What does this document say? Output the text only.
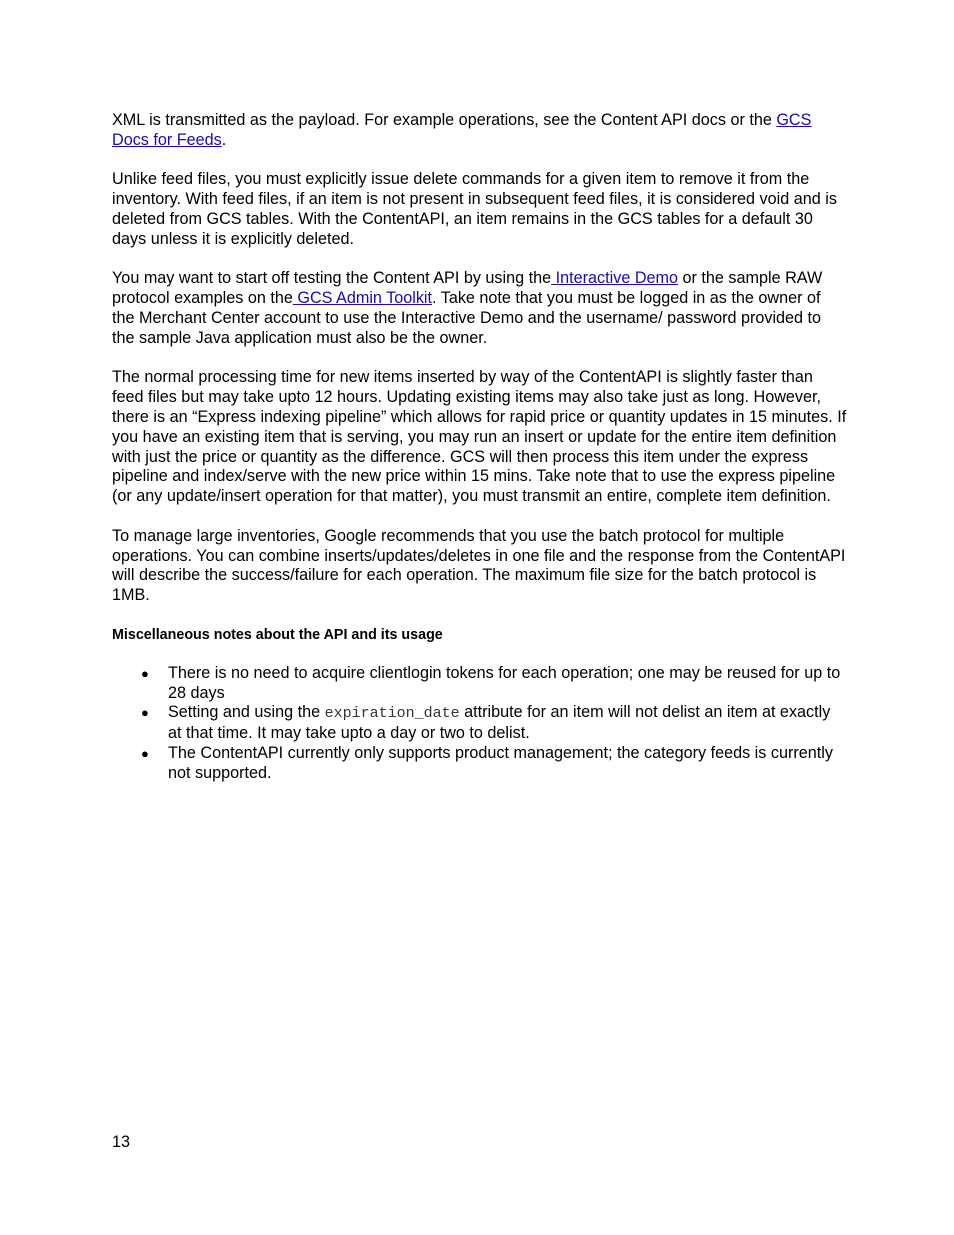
XML is transmitted as the payload. For example operations, see the Content API docs or the GCS Docs for Feeds.

Unlike feed files, you must explicitly issue delete commands for a given item to remove it from the inventory. With feed files, if an item is not present in subsequent feed files, it is considered void and is deleted from GCS tables. With the ContentAPI, an item remains in the GCS tables for a default 30 days unless it is explicitly deleted.

You may want to start off testing the Content API by using the Interactive Demo or the sample RAW protocol examples on the GCS Admin Toolkit. Take note that you must be logged in as the owner of the Merchant Center account to use the Interactive Demo and the username/ password provided to the sample Java application must also be the owner.

The normal processing time for new items inserted by way of the ContentAPI is slightly faster than feed files but may take upto 12 hours. Updating existing items may also take just as long. However, there is an “Express indexing pipeline” which allows for rapid price or quantity updates in 15 minutes. If you have an existing item that is serving, you may run an insert or update for the entire item definition with just the price or quantity as the difference. GCS will then process this item under the express pipeline and index/serve with the new price within 15 mins. Take note that to use the express pipeline (or any update/insert operation for that matter), you must transmit an entire, complete item definition.

To manage large inventories, Google recommends that you use the batch protocol for multiple operations. You can combine inserts/updates/deletes in one file and the response from the ContentAPI will describe the success/failure for each operation. The maximum file size for the batch protocol is 1MB.

Miscellaneous notes about the API and its usage
● There is no need to acquire clientlogin tokens for each operation; one may be reused for up to 28 days
● Setting and using the expiration_date attribute for an item will not delist an item at exactly at that time. It may take upto a day or two to delist.
● The ContentAPI currently only supports product management; the category feeds is currently not supported.
13
